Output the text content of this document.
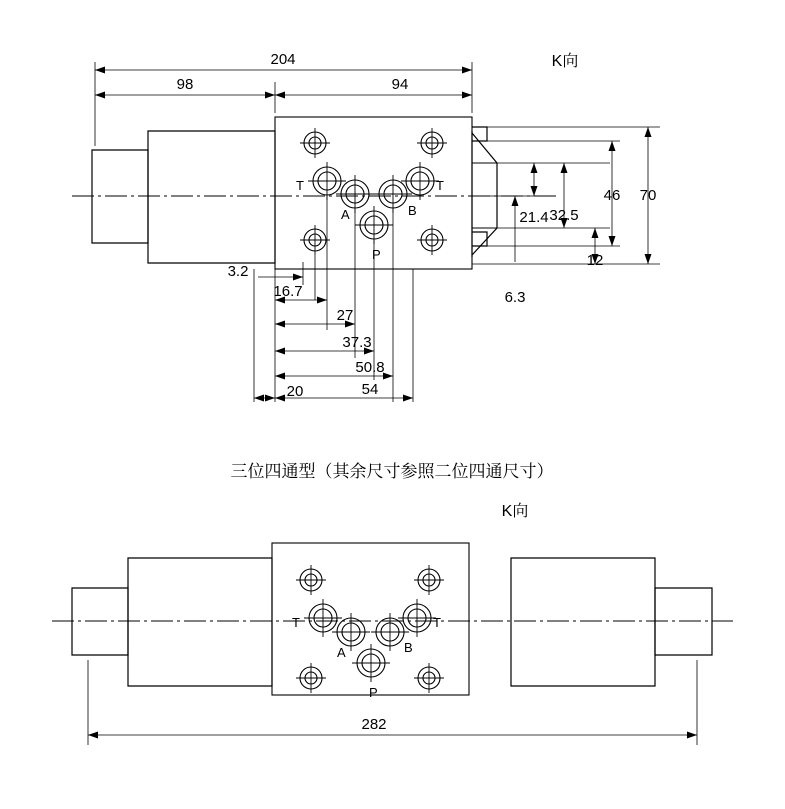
T	T
A	B
P
204
98	94
3.2
16.7
27
37.3
50.8
20	54
21.4
6.3
32.5
12
46 70
T	T
A	B
P
282
K向
K向
三位四通型（其余尺寸参照二位四通尺寸）
